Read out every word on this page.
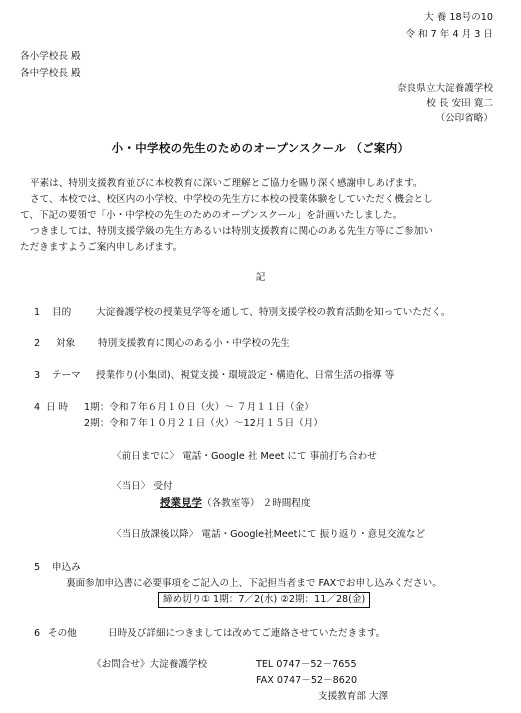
大 養 18号の10
令 和 7 年 4 月 3 日
各小学校長 殿
各中学校長 殿
奈良県立大淀養護学校
校 長 安田 寛二
（公印省略）
小・中学校の先生のためのオープンスクール （ご案内）
平素は、特別支援教育並びに本校教育に深いご理解とご協力を賜り深く感謝申しあげます。
さて、本校では、校区内の小学校、中学校の先生方に本校の授業体験をしていただく機会とし
て、下記の要領で「小・中学校の先生のためのオープンスクール」を計画いたしました。
つきましては、特別支援学級の先生方あるいは特別支援教育に関心のある先生方等にご参加い
ただきますようご案内申しあげます。
記
1 目的	大淀養護学校の授業見学等を通して、特別支援学校の教育活動を知っていただく。
2 対象 特別支援教育に関心のある小・中学校の先生
3 テーマ 授業作り(小集団)、視覚支援・環境設定・構造化、日常生活の指導 等
4 日 時 1期：令和７年６月１０日（火）～ ７月１１日（金）
2期：令和７年１０月２１日（火）～12月１５日（月）
〈前日までに〉 電話・Google 社 Meet にて 事前打ち合わせ
〈当日〉 受付
授業見学（各教室等） ２時間程度
〈当日放課後以降〉 電話・Google社Meetにて 振り返り・意見交流など
5 申込み
裏面参加申込書に必要事項をご記入の上、下記担当者まで FAXでお申し込みください。
締め切り① 1期：7／2(水) ②2期：11／28(金)
6 その他	日時及び詳細につきましては改めてご連絡させていただきます。
《お問合せ》大淀養護学校	TEL 0747－52－7655
FAX 0747－52－8620
支援教育部 大澤
